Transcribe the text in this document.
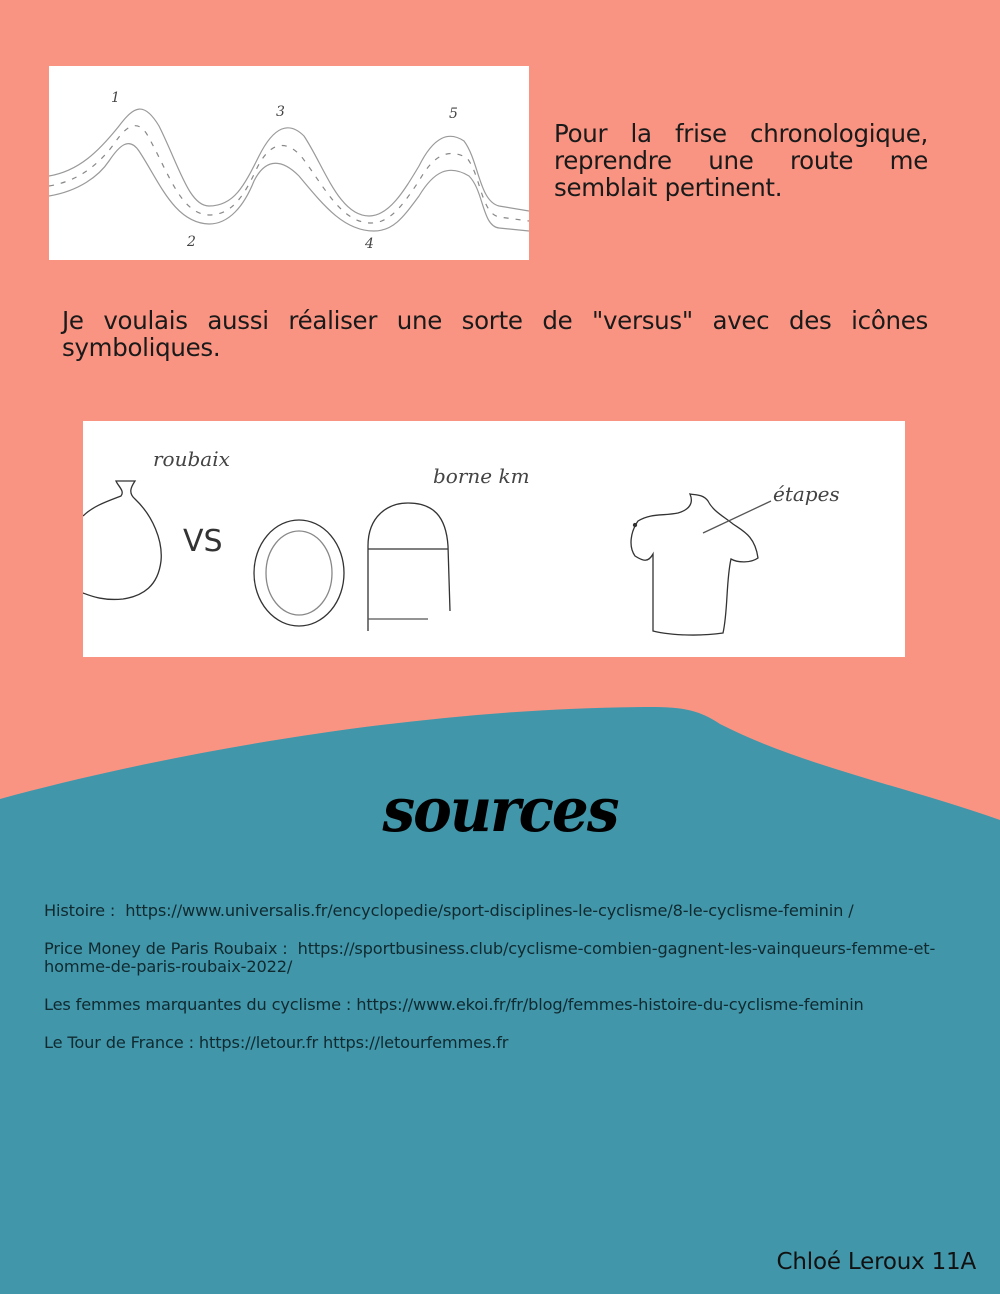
1
2
3
4
5
Pour la frise chronologique, reprendre une route me semblait pertinent.
Je voulais aussi réaliser une sorte de "versus" avec des icônes symboliques.
roubaix
VS
borne km
étapes
sources
Histoire : https://www.universalis.fr/encyclopedie/sport-disciplines-le-cyclisme/8-le-cyclisme-feminin /
Price Money de Paris Roubaix : https://sportbusiness.club/cyclisme-combien-gagnent-les-vainqueurs-femme-et-homme-de-paris-roubaix-2022/
Les femmes marquantes du cyclisme : https://www.ekoi.fr/fr/blog/femmes-histoire-du-cyclisme-feminin
Le Tour de France : https://letour.fr https://letourfemmes.fr
Chloé Leroux 11A
